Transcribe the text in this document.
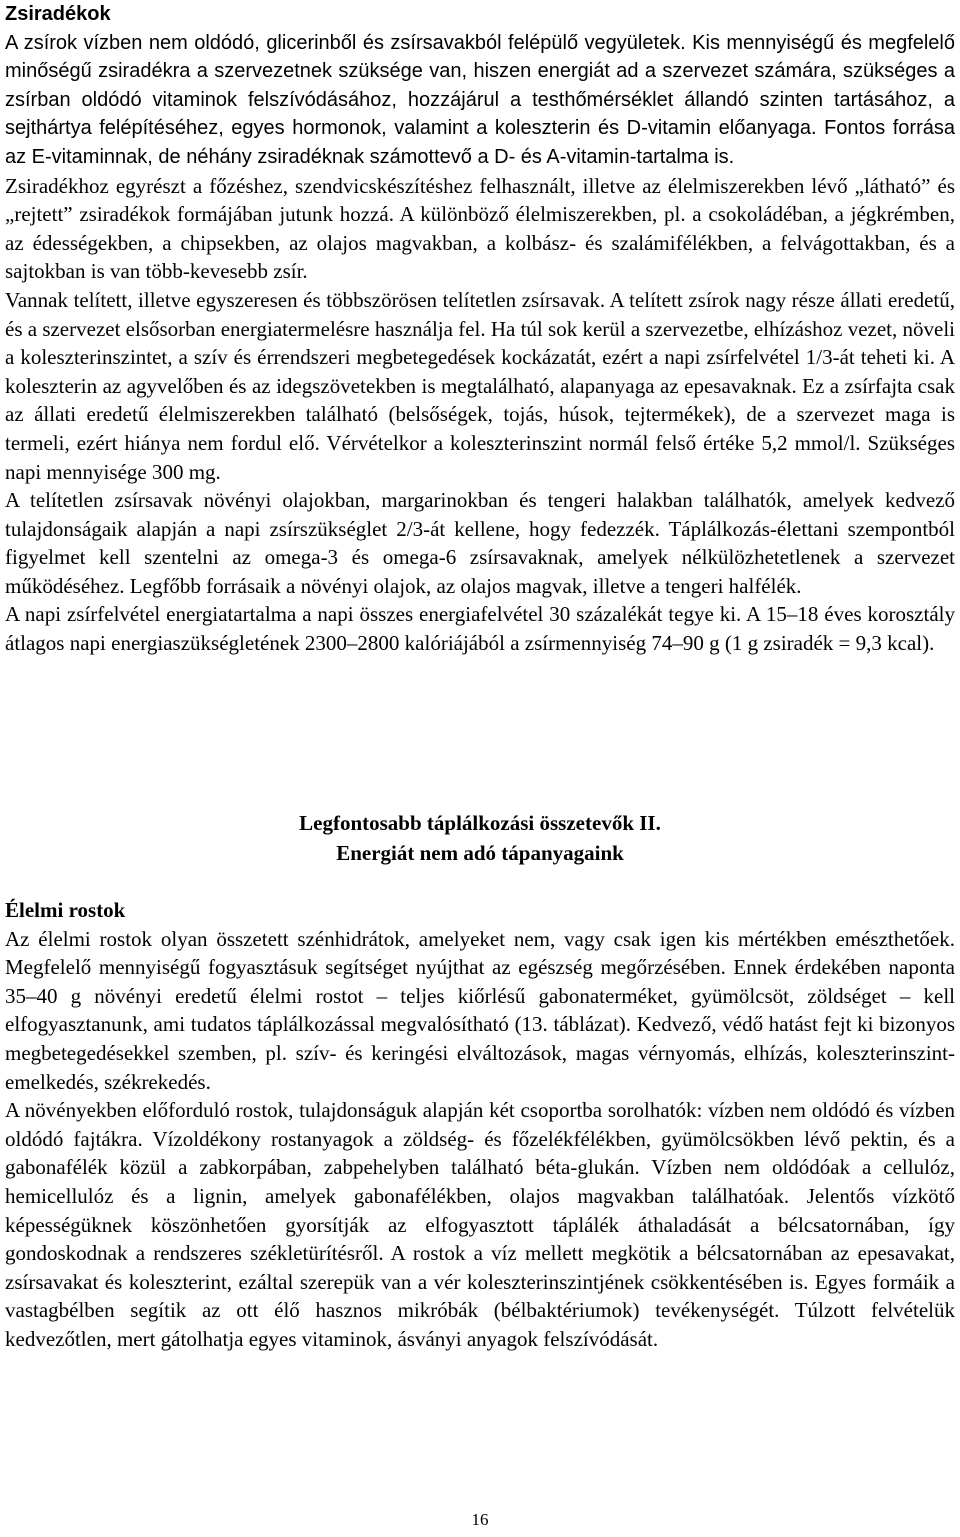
Zsiradékok

A zsírok vízben nem oldódó, glicerinből és zsírsavakból felépülő vegyületek. Kis mennyiségű és megfelelő minőségű zsiradékra a szervezetnek szüksége van, hiszen energiát ad a szervezet számára, szükséges a zsírban oldódó vitaminok felszívódásához, hozzájárul a testhőmérséklet állandó szinten tartásához, a sejthártya felépítéséhez, egyes hormonok, valamint a koleszterin és D-vitamin előanyaga. Fontos forrása az E-vitaminnak, de néhány zsiradéknak számottevő a D- és A-vitamin-tartalma is.

Zsiradékhoz egyrészt a főzéshez, szendvicskészítéshez felhasznált, illetve az élelmiszerekben lévő „látható” és „rejtett” zsiradékok formájában jutunk hozzá. A különböző élelmiszerekben, pl. a csokoládéban, a jégkrémben, az édességekben, a chipsekben, az olajos magvakban, a kolbász- és szalámifélékben, a felvágottakban, és a sajtokban is van több-kevesebb zsír.

Vannak telített, illetve egyszeresen és többszörösen telítetlen zsírsavak. A telített zsírok nagy része állati eredetű, és a szervezet elsősorban energiatermelésre használja fel. Ha túl sok kerül a szervezetbe, elhízáshoz vezet, növeli a koleszterinszintet, a szív és érrendszeri megbetegedések kockázatát, ezért a napi zsírfelvétel 1/3-át teheti ki. A koleszterin az agyvelőben és az idegszövetekben is megtalálható, alapanyaga az epesavaknak. Ez a zsírfajta csak az állati eredetű élelmiszerekben található (belsőségek, tojás, húsok, tejtermékek), de a szervezet maga is termeli, ezért hiánya nem fordul elő. Vérvételkor a koleszterinszint normál felső értéke 5,2 mmol/l. Szükséges napi mennyisége 300 mg.

A telítetlen zsírsavak növényi olajokban, margarinokban és tengeri halakban találhatók, amelyek kedvező tulajdonságaik alapján a napi zsírszükséglet 2/3-át kellene, hogy fedezzék. Táplálkozás-élettani szempontból figyelmet kell szentelni az omega-3 és omega-6 zsírsavaknak, amelyek nélkülözhetetlenek a szervezet működéséhez. Legfőbb forrásaik a növényi olajok, az olajos magvak, illetve a tengeri halfélék.

A napi zsírfelvétel energiatartalma a napi összes energiafelvétel 30 százalékát tegye ki. A 15–18 éves korosztály átlagos napi energiaszükségletének 2300–2800 kalóriájából a zsírmennyiség 74–90 g (1 g zsiradék = 9,3 kcal).

Legfontosabb táplálkozási összetevők II.
Energiát nem adó tápanyagaink
Élelmi rostok

Az élelmi rostok olyan összetett szénhidrátok, amelyeket nem, vagy csak igen kis mértékben emészthetőek. Megfelelő mennyiségű fogyasztásuk segítséget nyújthat az egészség megőrzésében. Ennek érdekében naponta 35–40 g növényi eredetű élelmi rostot – teljes kiőrlésű gabonaterméket, gyümölcsöt, zöldséget – kell elfogyasztanunk, ami tudatos táplálkozással megvalósítható (13. táblázat). Kedvező, védő hatást fejt ki bizonyos megbetegedésekkel szemben, pl. szív- és keringési elváltozások, magas vérnyomás, elhízás, koleszterinszint-emelkedés, székrekedés.

A növényekben előforduló rostok, tulajdonságuk alapján két csoportba sorolhatók: vízben nem oldódó és vízben oldódó fajtákra. Vízoldékony rostanyagok a zöldség- és főzelékfélékben, gyümölcsökben lévő pektin, és a gabonafélék közül a zabkorpában, zabpehelyben található béta-glukán. Vízben nem oldódóak a cellulóz, hemicellulóz és a lignin, amelyek gabonafélékben, olajos magvakban találhatóak. Jelentős vízkötő képességüknek köszönhetően gyorsítják az elfogyasztott táplálék áthaladását a bélcsatornában, így gondoskodnak a rendszeres székletürítésről. A rostok a víz mellett megkötik a bélcsatornában az epesavakat, zsírsavakat és koleszterint, ezáltal szerepük van a vér koleszterinszintjének csökkentésében is. Egyes formáik a vastagbélben segítik az ott élő hasznos mikróbák (bélbaktériumok) tevékenységét. Túlzott felvételük kedvezőtlen, mert gátolhatja egyes vitaminok, ásványi anyagok felszívódását.

16
